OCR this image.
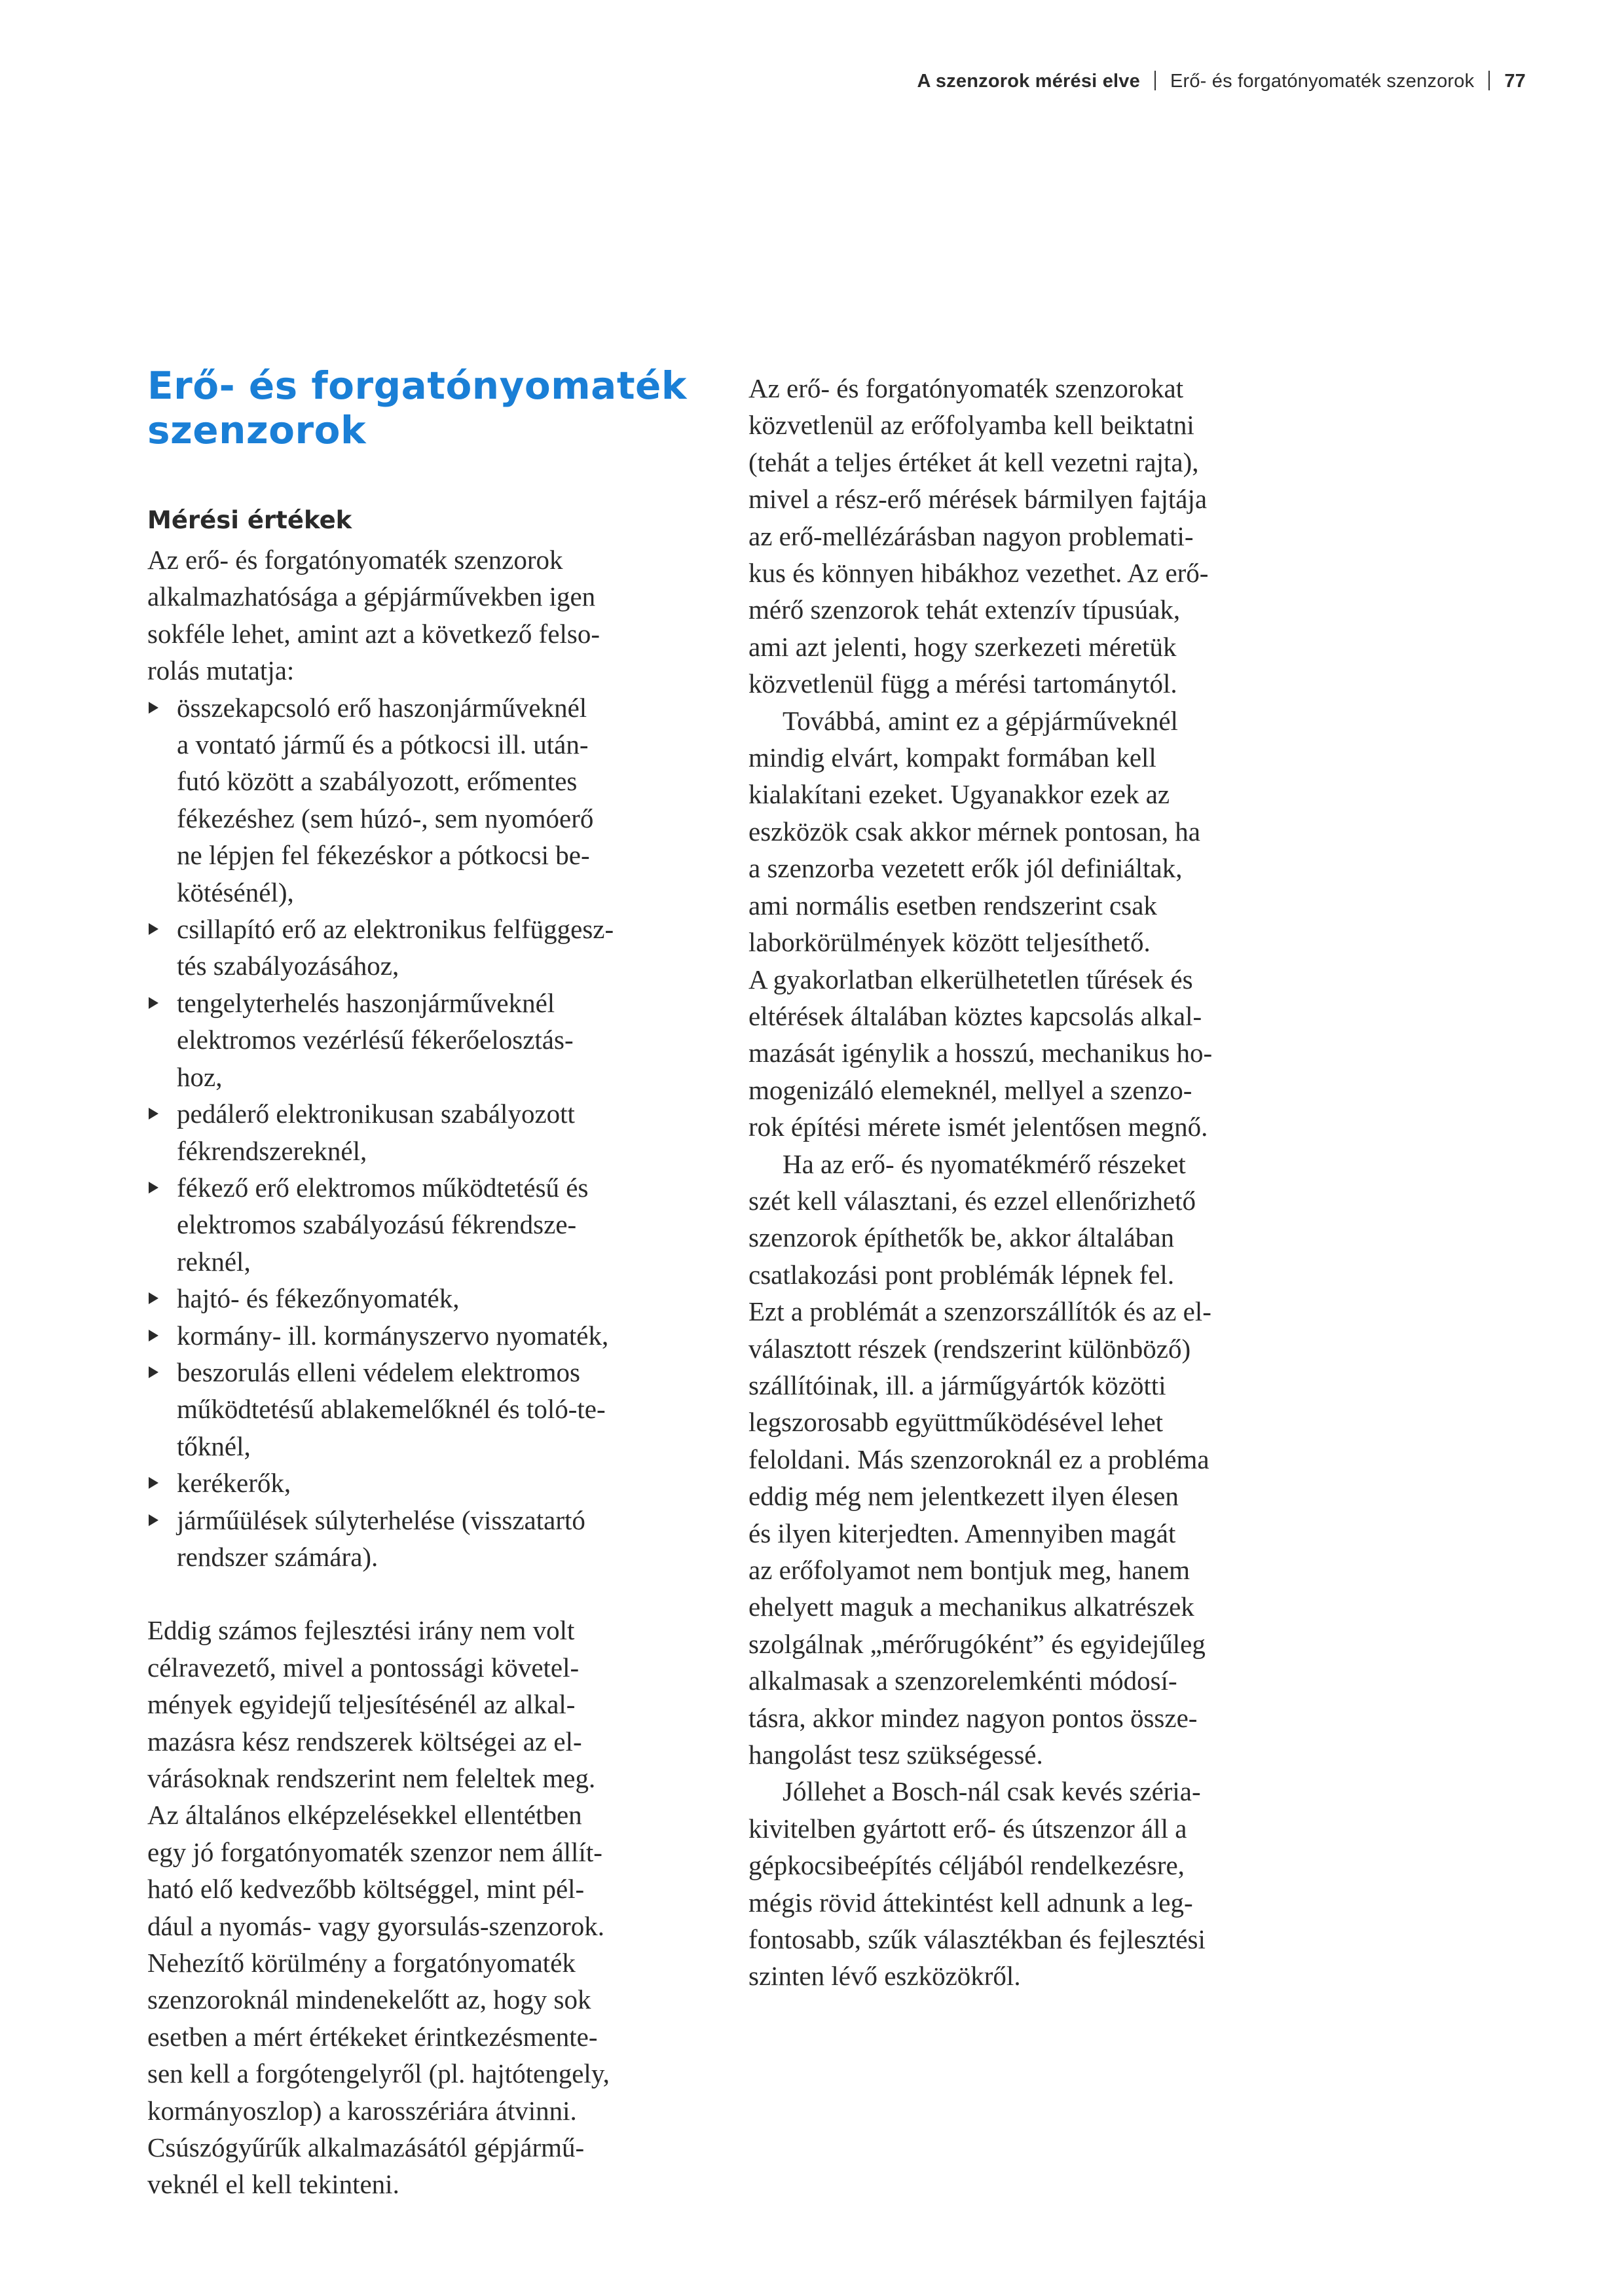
A szenzorok mérési elve Erő- és forgatónyomaték szenzorok 77
Erő- és forgatónyomaték
szenzorok
Mérési értékek

Az erő- és forgatónyomaték szenzorok
alkalmazhatósága a gépjárművekben igen
sokféle lehet, amint azt a következő felso-
rolás mutatja:

összekapcsoló erő haszonjárműveknél
a vontató jármű és a pótkocsi ill. után-
futó között a szabályozott, erőmentes
fékezéshez (sem húzó-, sem nyomóerő
ne lépjen fel fékezéskor a pótkocsi be-
kötésénél),
csillapító erő az elektronikus felfüggesz-
tés szabályozásához,
tengelyterhelés haszonjárműveknél
elektromos vezérlésű fékerőelosztás-
hoz,
pedálerő elektronikusan szabályozott
fékrendszereknél,
fékező erő elektromos működtetésű és
elektromos szabályozású fékrendsze-
reknél,
hajtó- és fékezőnyomaték,
kormány- ill. kormányszervo nyomaték,
beszorulás elleni védelem elektromos
működtetésű ablakemelőknél és toló-te-
tőknél,
kerékerők,
járműülések súlyterhelése (visszatartó
rendszer számára).

Eddig számos fejlesztési irány nem volt
célravezető, mivel a pontossági követel-
mények egyidejű teljesítésénél az alkal-
mazásra kész rendszerek költségei az el-
várásoknak rendszerint nem feleltek meg.
Az általános elképzelésekkel ellentétben
egy jó forgatónyomaték szenzor nem állít-
ható elő kedvezőbb költséggel, mint pél-
dául a nyomás- vagy gyorsulás-szenzorok.
Nehezítő körülmény a forgatónyomaték
szenzoroknál mindenekelőtt az, hogy sok
esetben a mért értékeket érintkezésmente-
sen kell a forgótengelyről (pl. hajtótengely,
kormányoszlop) a karosszériára átvinni.
Csúszógyűrűk alkalmazásától gépjármű-
veknél el kell tekinteni.

Az erő- és forgatónyomaték szenzorokat
közvetlenül az erőfolyamba kell beiktatni
(tehát a teljes értéket át kell vezetni rajta),
mivel a rész-erő mérések bármilyen fajtája
az erő-mellézárásban nagyon problemati-
kus és könnyen hibákhoz vezethet. Az erő-
mérő szenzorok tehát extenzív típusúak,
ami azt jelenti, hogy szerkezeti méretük
közvetlenül függ a mérési tartománytól.

Továbbá, amint ez a gépjárműveknél
mindig elvárt, kompakt formában kell
kialakítani ezeket. Ugyanakkor ezek az
eszközök csak akkor mérnek pontosan, ha
a szenzorba vezetett erők jól definiáltak,
ami normális esetben rendszerint csak
laborkörülmények között teljesíthető.

A gyakorlatban elkerülhetetlen tűrések és
eltérések általában köztes kapcsolás alkal-
mazását igénylik a hosszú, mechanikus ho-
mogenizáló elemeknél, mellyel a szenzo-
rok építési mérete ismét jelentősen megnő.

Ha az erő- és nyomatékmérő részeket
szét kell választani, és ezzel ellenőrizhető
szenzorok építhetők be, akkor általában
csatlakozási pont problémák lépnek fel.
Ezt a problémát a szenzorszállítók és az el-
választott részek (rendszerint különböző)
szállítóinak, ill. a járműgyártók közötti
legszorosabb együttműködésével lehet
feloldani. Más szenzoroknál ez a probléma
eddig még nem jelentkezett ilyen élesen
és ilyen kiterjedten. Amennyiben magát
az erőfolyamot nem bontjuk meg, hanem
ehelyett maguk a mechanikus alkatrészek
szolgálnak „mérőrugóként” és egyidejűleg
alkalmasak a szenzorelemkénti módosí-
tásra, akkor mindez nagyon pontos össze-
hangolást tesz szükségessé.

Jóllehet a Bosch-nál csak kevés széria-
kivitelben gyártott erő- és útszenzor áll a
gépkocsibeépítés céljából rendelkezésre,
mégis rövid áttekintést kell adnunk a leg-
fontosabb, szűk választékban és fejlesztési
szinten lévő eszközökről.
